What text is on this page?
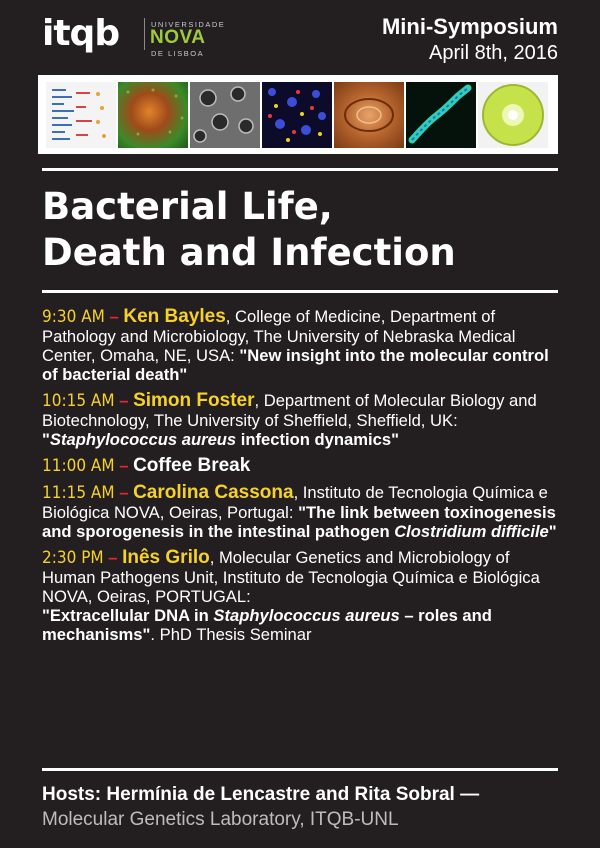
itqb	UNIVERSIDADE
NOVA
DE LISBOA
Mini-Symposium
April 8th, 2016
Bacterial Life,
Death and Infection
9:30 AM – Ken Bayles, College of Medicine, Department of Pathology and Microbiology, The University of Nebraska Medical Center, Omaha, NE, USA: "New insight into the molecular control of bacterial death"
10:15 AM – Simon Foster, Department of Molecular Biology and Biotechnology, The University of Sheffield, Sheffield, UK: "Staphylococcus aureus infection dynamics"
11:00 AM – Coffee Break
11:15 AM – Carolina Cassona, Instituto de Tecnologia Química e Biológica NOVA, Oeiras, Portugal: "The link between toxinogenesis and sporogenesis in the intestinal pathogen Clostridium difficile"
2:30 PM – Inês Grilo, Molecular Genetics and Microbiology of Human Pathogens Unit, Instituto de Tecnologia Química e Biológica NOVA, Oeiras, PORTUGAL:
"Extracellular DNA in Staphylococcus aureus – roles and mechanisms". PhD Thesis Seminar
Hosts: Hermínia de Lencastre and Rita Sobral —
Molecular Genetics Laboratory, ITQB-UNL
